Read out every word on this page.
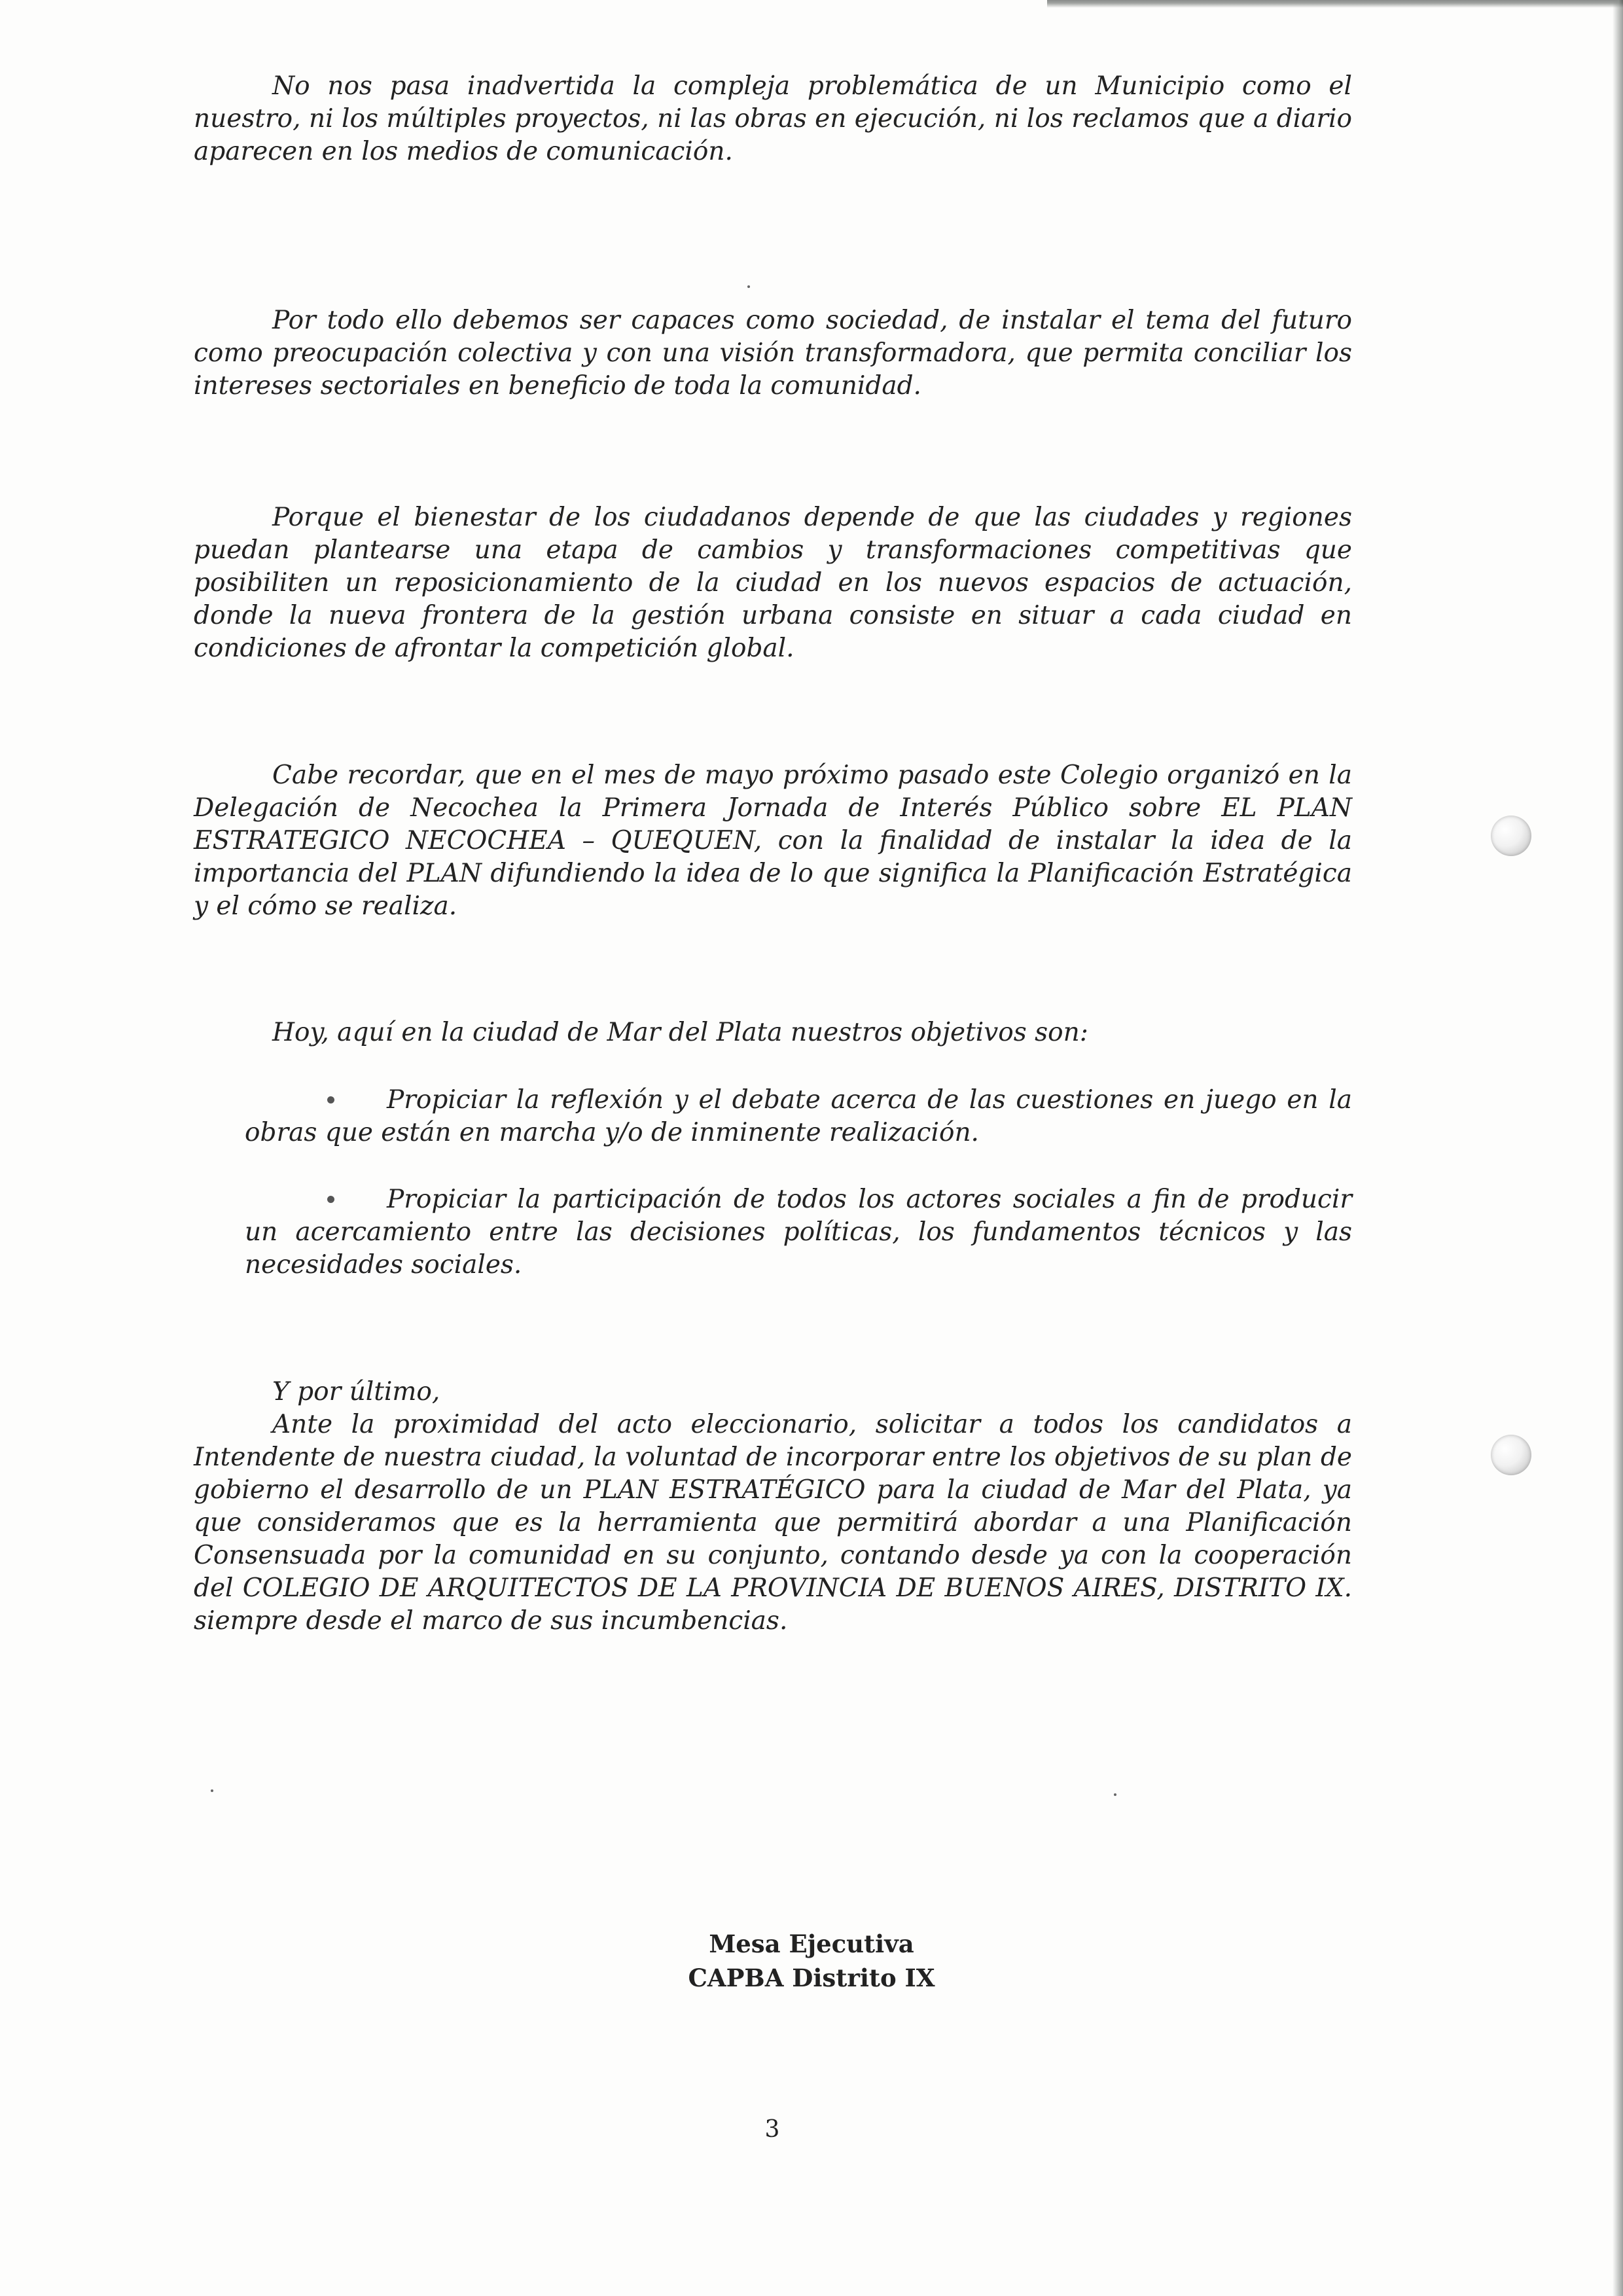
No nos pasa inadvertida la compleja problemática de un Municipio como el nuestro, ni los múltiples proyectos, ni las obras en ejecución, ni los reclamos que a diario aparecen en los medios de comunicación.

Por todo ello debemos ser capaces como sociedad, de instalar el tema del futuro como preocupación colectiva y con una visión transformadora, que permita conciliar los intereses sectoriales en beneficio de toda la comunidad.

Porque el bienestar de los ciudadanos depende de que las ciudades y regiones puedan plantearse una etapa de cambios y transformaciones competitivas que posibiliten un reposicionamiento de la ciudad en los nuevos espacios de actuación, donde la nueva frontera de la gestión urbana consiste en situar a cada ciudad en condiciones de afrontar la competición global.

Cabe recordar, que en el mes de mayo próximo pasado este Colegio organizó en la Delegación de Necochea la Primera Jornada de Interés Público sobre EL PLAN ESTRATEGICO NECOCHEA – QUEQUEN, con la finalidad de instalar la idea de la importancia del PLAN difundiendo la idea de lo que significa la Planificación Estratégica y el cómo se realiza.

Hoy, aquí en la ciudad de Mar del Plata nuestros objetivos son:

Propiciar la reflexión y el debate acerca de las cuestiones en juego en la obras que están en marcha y/o de inminente realización.

Propiciar la participación de todos los actores sociales a fin de producir un acercamiento entre las decisiones políticas, los fundamentos técnicos y las necesidades sociales.

Y por último,

Ante la proximidad del acto eleccionario, solicitar a todos los candidatos a Intendente de nuestra ciudad, la voluntad de incorporar entre los objetivos de su plan de gobierno el desarrollo de un PLAN ESTRATÉGICO para la ciudad de Mar del Plata, ya que consideramos que es la herramienta que permitirá abordar a una Planificación Consensuada por la comunidad en su conjunto, contando desde ya con la cooperación del COLEGIO DE ARQUITECTOS DE LA PROVINCIA DE BUENOS AIRES, DISTRITO IX. siempre desde el marco de sus incumbencias.

Mesa Ejecutiva

CAPBA Distrito IX

3
